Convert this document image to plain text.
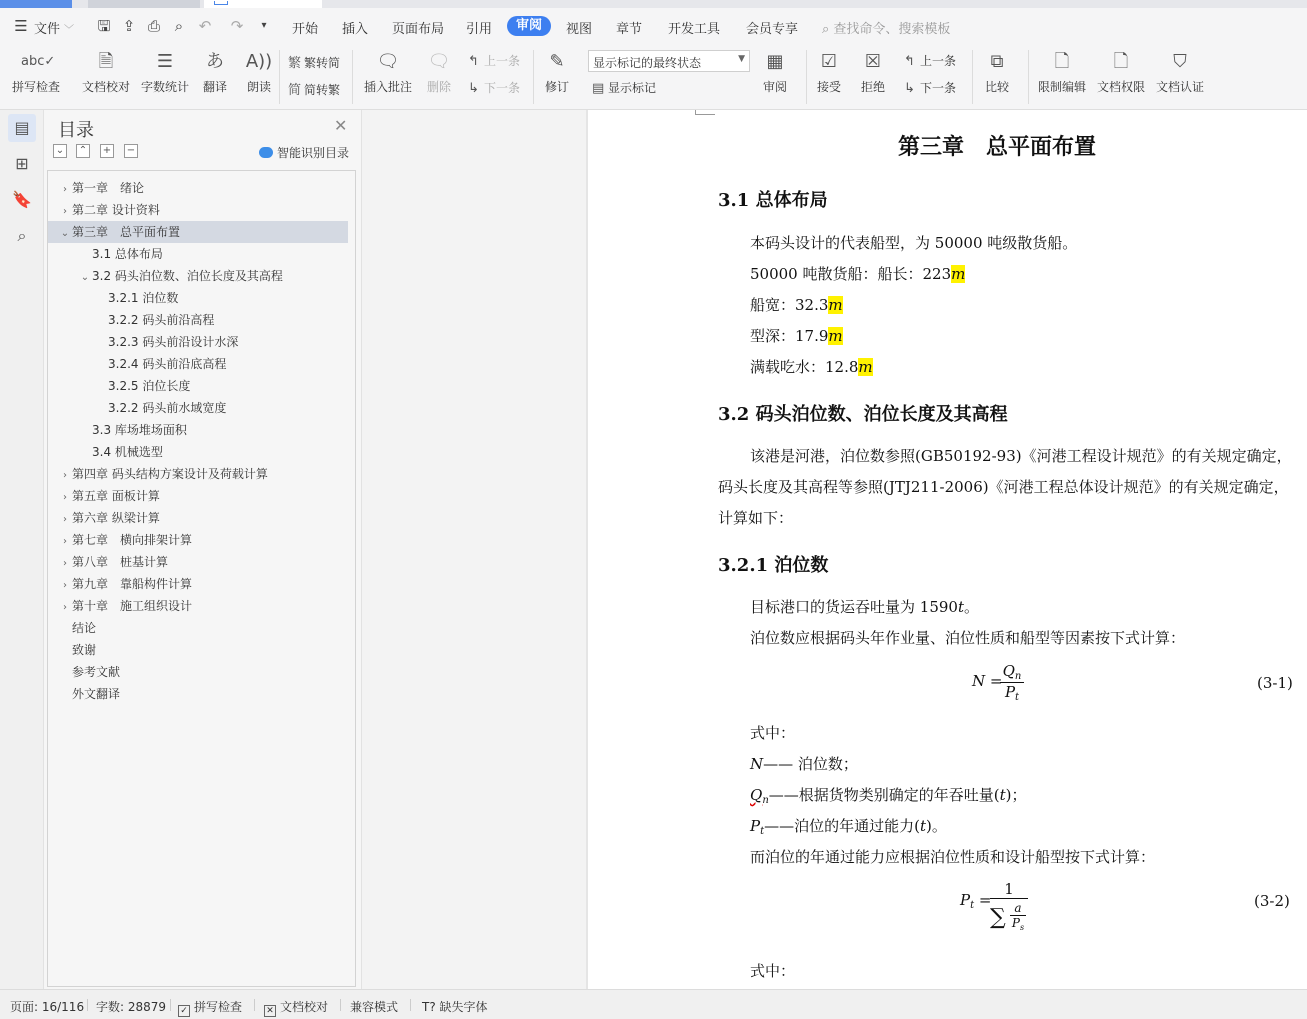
☰ 文件 ﹀ 🖫 ⇪ ⎙ ⌕	↶ ↷	▾	开始 插入 页面布局 引用	审阅	视图 章节 开发工具 会员专享 ⌕ 查找命令、搜索模板
abc✓
拼写检查
🗎
文档校对
☰
字数统计
あ
翻译
A))
朗读
繁 繁转简
简 简转繁
🗨
插入批注
🗨
删除
↰ 上一条
↳ 下一条
✎
修订
显示标记的最终状态	▼
▤ 显示标记
▦
审阅
☑
接受
☒
拒绝
↰ 上一条
↳ 下一条
⧉
比较
🗋
限制编辑
🗋
文档权限
⛉
文档认证
▤
⊞
🔖
⌕
目录	✕
⌄ ⌃ + −	智能识别目录
› 第一章　绪论
› 第二章 设计资料
⌄ 第三章　总平面布置
3.1 总体布局
⌄ 3.2 码头泊位数、泊位长度及其高程
3.2.1 泊位数
3.2.2 码头前沿高程
3.2.3 码头前沿设计水深
3.2.4 码头前沿底高程
3.2.5 泊位长度
3.2.2 码头前水域宽度
3.3 库场堆场面积
3.4 机械选型
› 第四章 码头结构方案设计及荷载计算
› 第五章 面板计算
› 第六章 纵梁计算
› 第七章　横向排架计算
› 第八章　桩基计算
› 第九章　靠船构件计算
› 第十章　施工组织设计
结论
致谢
参考文献
外文翻译
第三章　总平面布置
3.1 总体布局
本码头设计的代表船型，为 50000 吨级散货船。
50000 吨散货船：船长：223m
船宽：32.3m
型深：17.9m
满载吃水：12.8m
3.2 码头泊位数、泊位长度及其高程
该港是河港，泊位数参照(GB50192-93)《河港工程设计规范》的有关规定确定，
码头长度及其高程等参照(JTJ211-2006)《河港工程总体设计规范》的有关规定确定，
计算如下：
3.2.1 泊位数
目标港口的货运吞吐量为 1590t。
泊位数应根据码头年作业量、泊位性质和船型等因素按下式计算：
N =
$\frac{Q_n}{P_t}$	(3-1)
式中：
N—— 泊位数；
$Q_n——$根据货物类别确定的年吞吐量(t)；
$P_t——$泊位的年通过能力(t)。
而泊位的年通过能力应根据泊位性质和设计船型按下式计算：
$P_t$ =
1
∑ a
$P_s$	(3-2)
式中：
页面: 16/116 字数: 28879 ✓ 拼写检查	✕ 文档校对 兼容模式 T? 缺失字体
